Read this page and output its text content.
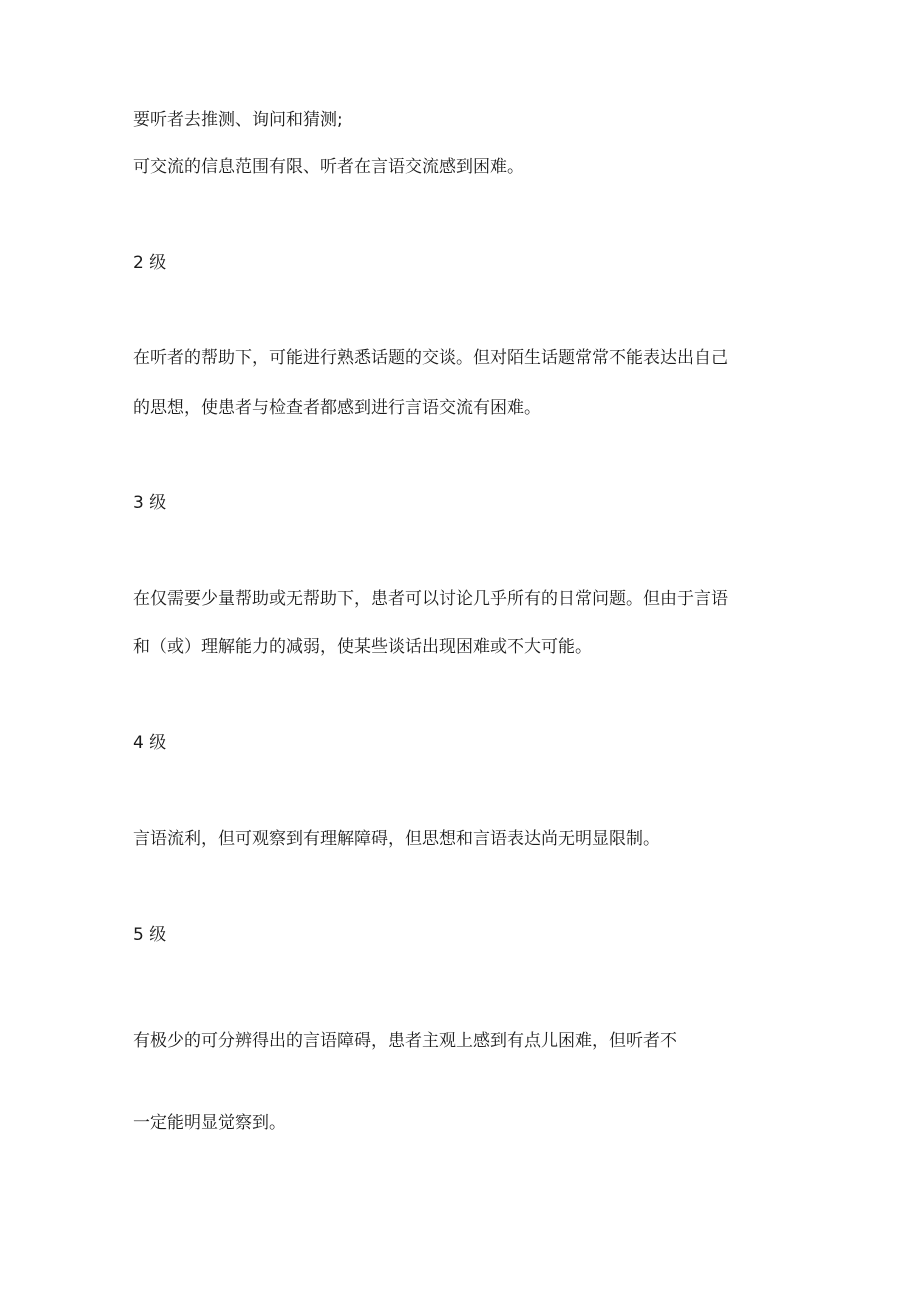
要听者去推测、询问和猜测;
可交流的信息范围有限、听者在言语交流感到困难。
2 级
在听者的帮助下，可能进行熟悉话题的交谈。但对陌生话题常常不能表达出自己
的思想，使患者与检查者都感到进行言语交流有困难。
3 级
在仅需要少量帮助或无帮助下，患者可以讨论几乎所有的日常问题。但由于言语
和（或）理解能力的减弱，使某些谈话出现困难或不大可能。
4 级
言语流利，但可观察到有理解障碍，但思想和言语表达尚无明显限制。
5 级
有极少的可分辨得出的言语障碍，患者主观上感到有点儿困难，但听者不
一定能明显觉察到。
